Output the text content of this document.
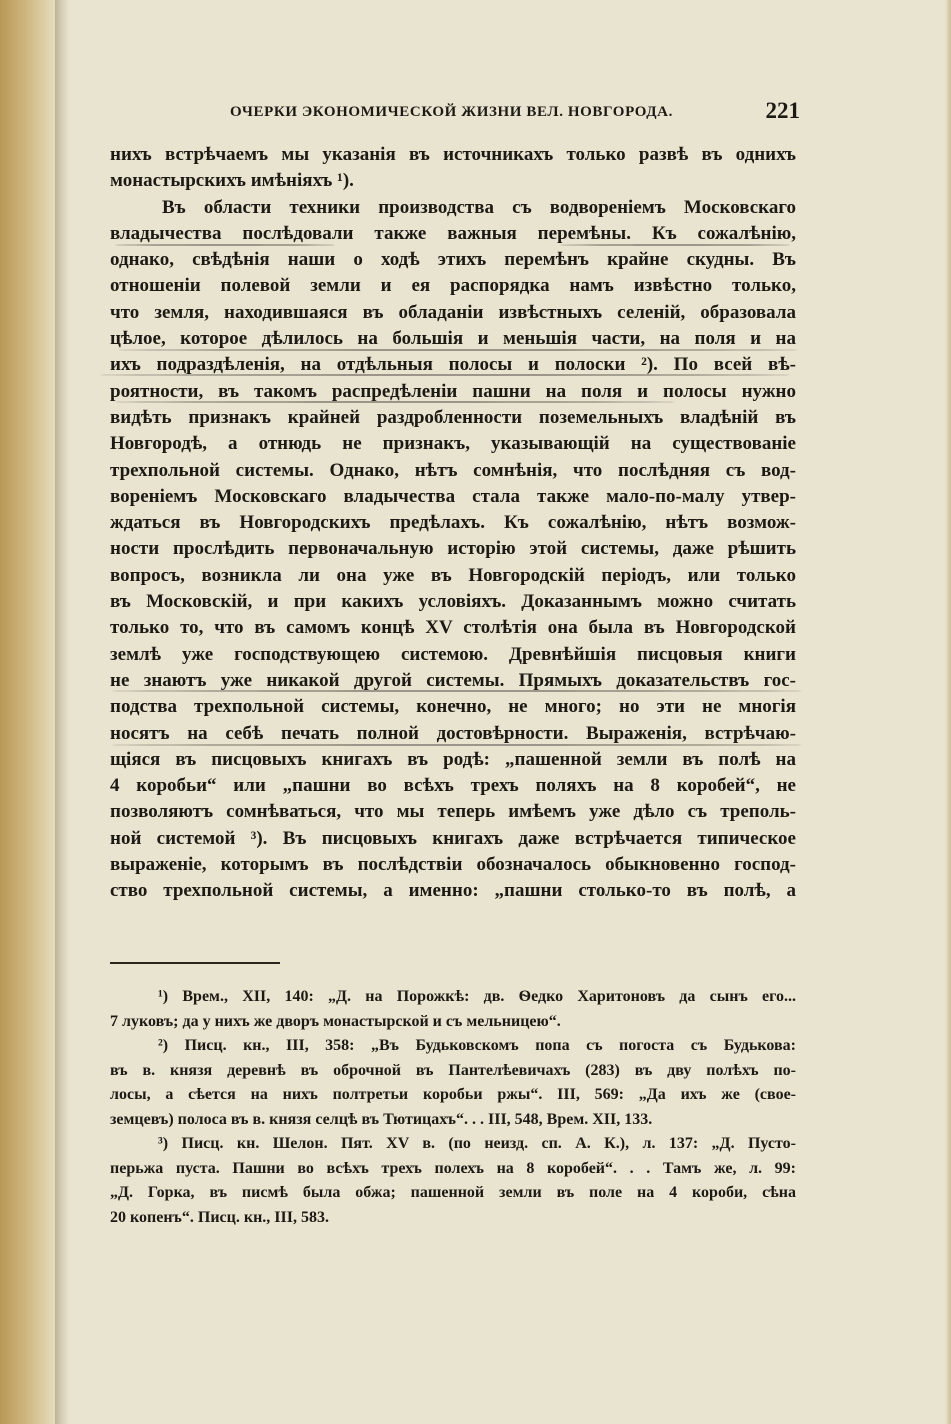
ОЧЕРКИ ЭКОНОМИЧЕСКОЙ ЖИЗНИ ВЕЛ. НОВГОРОДА.	221
нихъ встрѣчаемъ мы указанія въ источникахъ только развѣ въ однихъ
монастырскихъ имѣніяхъ ¹).
Въ области техники производства съ водвореніемъ Московскаго
владычества послѣдовали также важныя перемѣны. Къ сожалѣнію,
однако, свѣдѣнія наши о ходѣ этихъ перемѣнъ крайне скудны. Въ
отношеніи полевой земли и ея распорядка намъ извѣстно только,
что земля, находившаяся въ обладаніи извѣстныхъ селеній, образовала
цѣлое, которое дѣлилось на большія и меньшія части, на поля и на
ихъ подраздѣленія, на отдѣльныя полосы и полоски ²). По всей вѣ-
роятности, въ такомъ распредѣленіи пашни на поля и полосы нужно
видѣть признакъ крайней раздробленности поземельныхъ владѣній въ
Новгородѣ, а отнюдь не признакъ, указывающій на существованіе
трехпольной системы. Однако, нѣтъ сомнѣнія, что послѣдняя съ вод-
вореніемъ Московскаго владычества стала также мало-по-малу утвер-
ждаться въ Новгородскихъ предѣлахъ. Къ сожалѣнію, нѣтъ возмож-
ности прослѣдить первоначальную исторію этой системы, даже рѣшить
вопросъ, возникла ли она уже въ Новгородскій періодъ, или только
въ Московскій, и при какихъ условіяхъ. Доказаннымъ можно считать
только то, что въ самомъ концѣ XV столѣтія она была въ Новгородской
землѣ уже господствующею системою. Древнѣйшія писцовыя книги
не знаютъ уже никакой другой системы. Прямыхъ доказательствъ гос-
подства трехпольной системы, конечно, не много; но эти не многія
носятъ на себѣ печать полной достовѣрности. Выраженія, встрѣчаю-
щіяся въ писцовыхъ книгахъ въ родѣ: „пашенной земли въ полѣ на
4 коробьи“ или „пашни во всѣхъ трехъ поляхъ на 8 коробей“, не
позволяютъ сомнѣваться, что мы теперь имѣемъ уже дѣло съ треполь-
ной системой ³). Въ писцовыхъ книгахъ даже встрѣчается типическое
выраженіе, которымъ въ послѣдствіи обозначалось обыкновенно господ-
ство трехпольной системы, а именно: „пашни столько-то въ полѣ, а
¹) Врем., XII, 140: „Д. на Порожкѣ: дв. Ѳедко Харитоновъ да сынъ его...
7 луковъ; да у нихъ же дворъ монастырской и съ мельницею“.
²) Писц. кн., III, 358: „Въ Будьковскомъ попа съ погоста съ Будькова:
въ в. князя деревнѣ въ оброчной въ Пантелѣевичахъ (283) въ дву полѣхъ по-
лосы, а сѣется на нихъ полтретьи коробьи ржы“. III, 569: „Да ихъ же (свое-
земцевъ) полоса въ в. князя селцѣ въ Тютицахъ“. . . III, 548, Врем. XII, 133.
³) Писц. кн. Шелон. Пят. XV в. (по неизд. сп. А. К.), л. 137: „Д. Пусто-
перьжа пуста. Пашни во всѣхъ трехъ полехъ на 8 коробей“. . . Тамъ же, л. 99:
„Д. Горка, въ писмѣ была обжа; пашенной земли въ поле на 4 короби, сѣна
20 копенъ“. Писц. кн., III, 583.
